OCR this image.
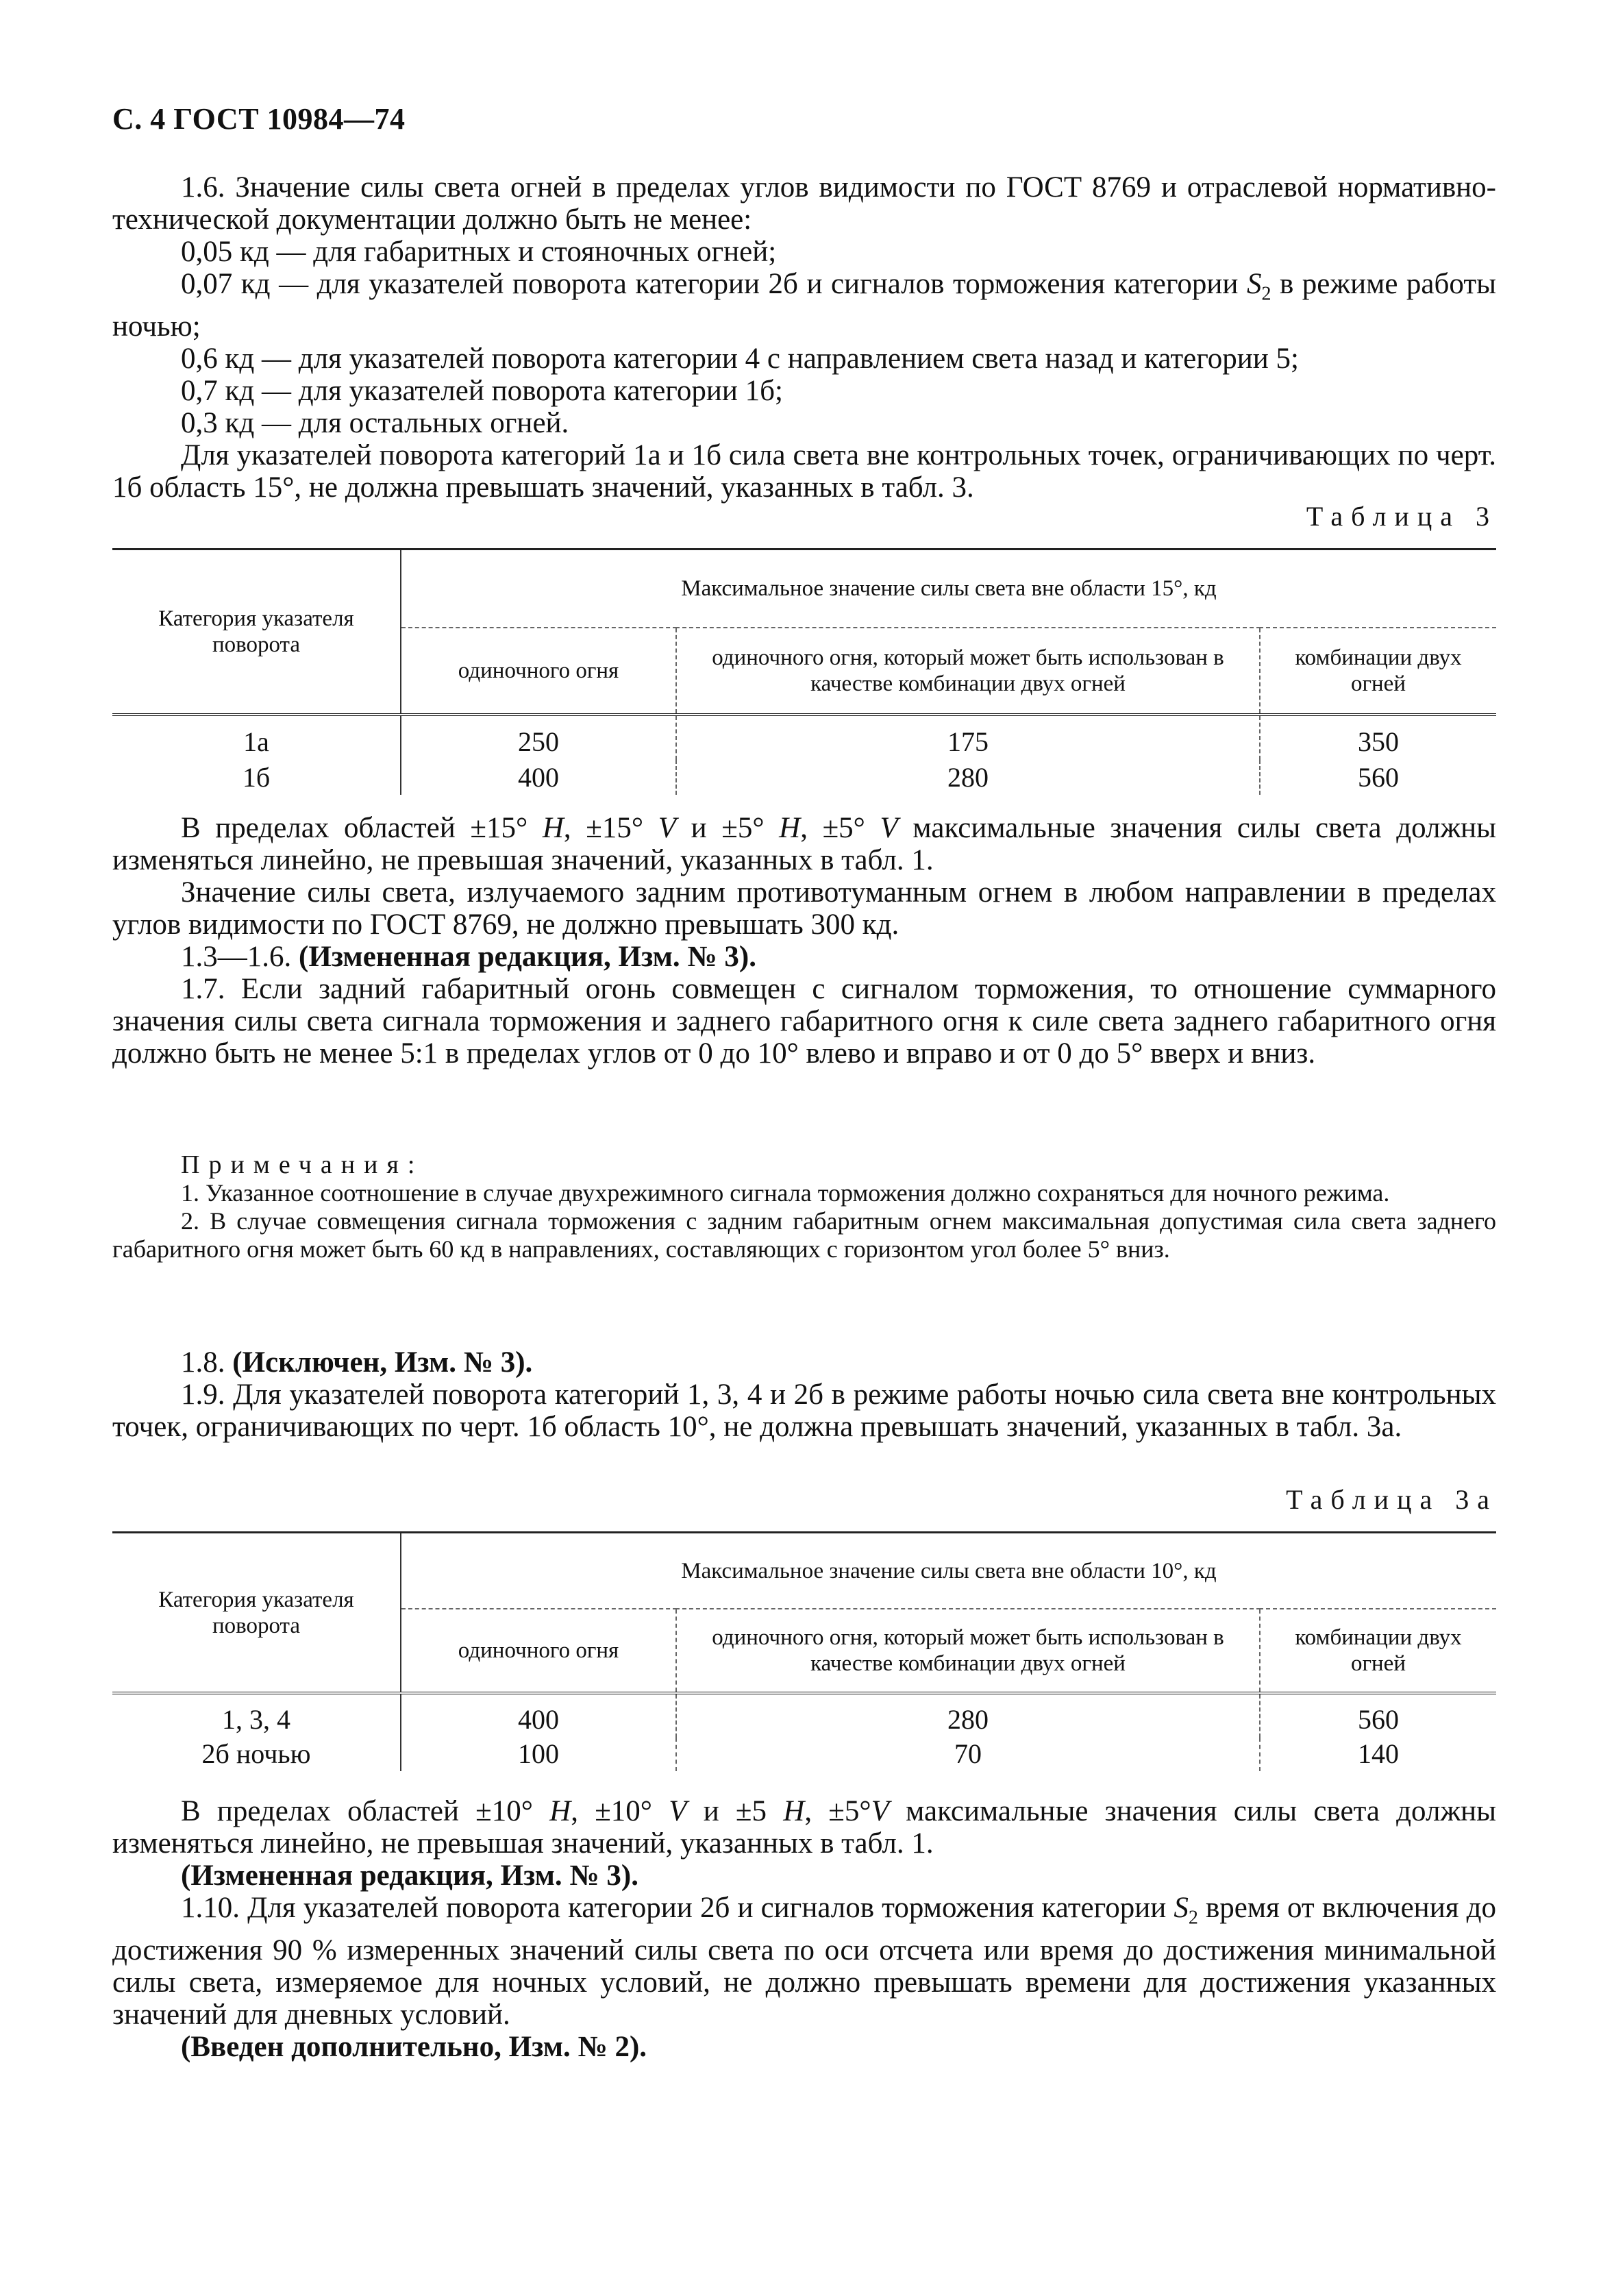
С. 4 ГОСТ 10984—74

1.6. Значение силы света огней в пределах углов видимости по ГОСТ 8769 и отраслевой нормативно-технической документации должно быть не менее:

0,05 кд — для габаритных и стояночных огней;

0,07 кд — для указателей поворота категории 2б и сигналов торможения категории $S_2$ в режиме работы ночью;

0,6 кд — для указателей поворота категории 4 с направлением света назад и категории 5;

0,7 кд — для указателей поворота категории 1б;

0,3 кд — для остальных огней.

Для указателей поворота категорий 1а и 1б сила света вне контрольных точек, ограничивающих по черт. 1б область 15°, не должна превышать значений, указанных в табл. 3.

Таблица 3
Категория указателя поворота	Максимальное значение силы света вне области 15°, кд		
	одиночного огня	одиночного огня, который может быть использован в качестве комбинации двух огней	комбинации двух огней
1а	250	175	350
1б	400	280	560

В пределах областей ±15° H, ±15° V и ±5° H, ±5° V максимальные значения силы света должны изменяться линейно, не превышая значений, указанных в табл. 1.

Значение силы света, излучаемого задним противотуманным огнем в любом направлении в пределах углов видимости по ГОСТ 8769, не должно превышать 300 кд.

1.3—1.6. (Измененная редакция, Изм. № 3).

1.7. Если задний габаритный огонь совмещен с сигналом торможения, то отношение суммарного значения силы света сигнала торможения и заднего габаритного огня к силе света заднего габаритного огня должно быть не менее 5:1 в пределах углов от 0 до 10° влево и вправо и от 0 до 5° вверх и вниз.

Примечания:

1. Указанное соотношение в случае двухрежимного сигнала торможения должно сохраняться для ночного режима.

2. В случае совмещения сигнала торможения с задним габаритным огнем максимальная допустимая сила света заднего габаритного огня может быть 60 кд в направлениях, составляющих с горизонтом угол более 5° вниз.

1.8. (Исключен, Изм. № 3).

1.9. Для указателей поворота категорий 1, 3, 4 и 2б в режиме работы ночью сила света вне контрольных точек, ограничивающих по черт. 1б область 10°, не должна превышать значений, указанных в табл. 3а.

Таблица 3а
Категория указателя поворота	Максимальное значение силы света вне области 10°, кд		
	одиночного огня	одиночного огня, который может быть использован в качестве комбинации двух огней	комбинации двух огней
1, 3, 4	400	280	560
2б ночью	100	70	140

В пределах областей ±10° H, ±10° V и ±5 H, ±5°V максимальные значения силы света должны изменяться линейно, не превышая значений, указанных в табл. 1.

(Измененная редакция, Изм. № 3).

1.10. Для указателей поворота категории 2б и сигналов торможения категории $S_2$ время от включения до достижения 90 % измеренных значений силы света по оси отсчета или время до достижения минимальной силы света, измеряемое для ночных условий, не должно превышать времени для достижения указанных значений для дневных условий.

(Введен дополнительно, Изм. № 2).
